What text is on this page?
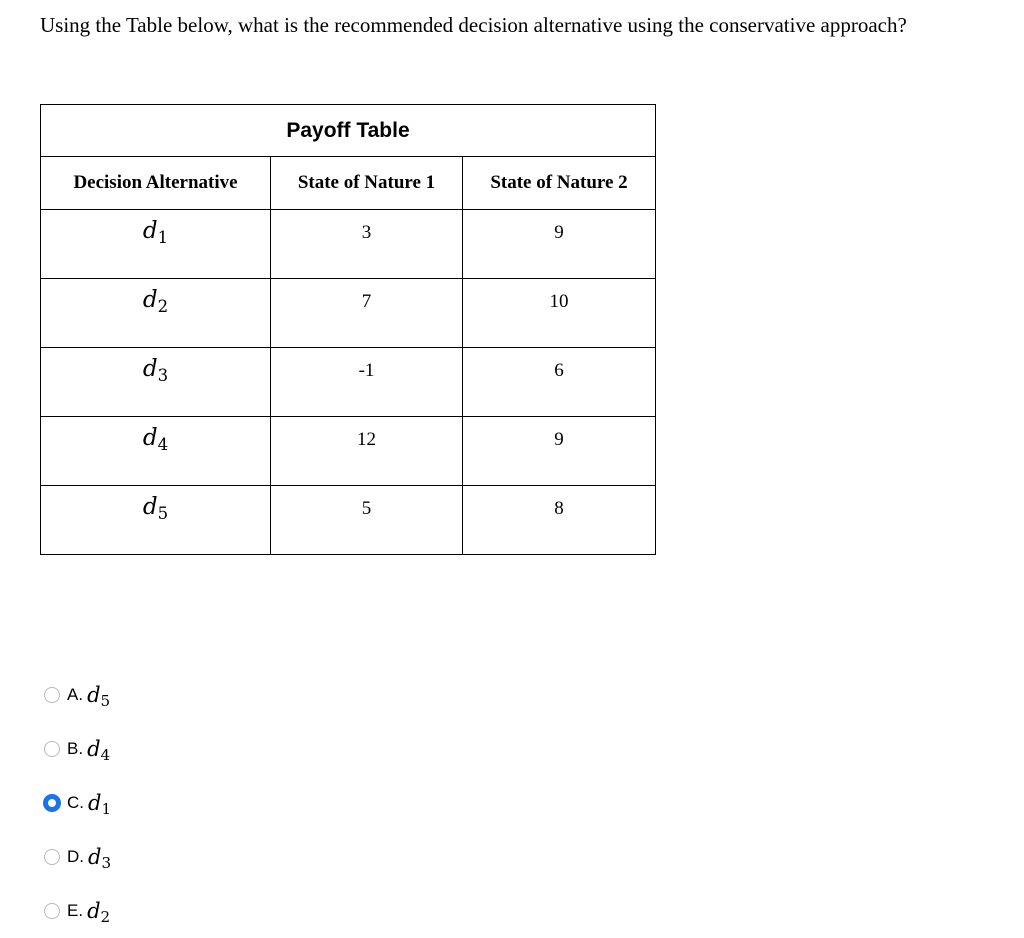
Using the Table below, what is the recommended decision alternative using the conservative approach?

Payoff Table		
Decision Alternative	State of Nature 1	State of Nature 2
$d_1$	3	9
$d_2$	7	10
$d_3$	-1	6
$d_4$	12	9
$d_5$	5	8
A. $d_5$
B. $d_4$
C. $d_1$
D. $d_3$
E. $d_2$
